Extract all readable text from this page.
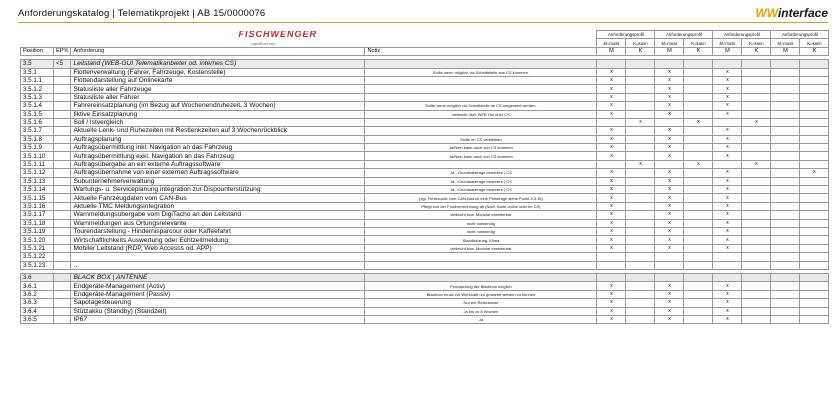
Anforderungskatalog | Telematikprojekt | AB 15/0000076	WWinterface
FISCHWENGER
Logistik mit uns!				Anforderungsprofil		Anforderungsprofil		Anforderungsprofil		Anforderungsprofil	
				M=muss	K=kann	M=muss	K=kann	M=muss	K=kann	M=muss	K=kann
Position	EP%	Anforderung	Notiz	M	K	M	K	M	K	M	K

3.5	<5	Leitstand (WEB-GUI Telematikanbieter od. internes CS)									
3.5.1		Flottenverwaltung (Fahrer, Fahrzeuge, Kostenstelle)	Sollte wenn möglich via Schnittstelle aus CS kommen.	x		x		x			
3.5.1.1		Flottendarstellung auf Onlinekarte		x		x		x			
3.5.1.2		Statusliste aller Fahrzeuge		x		x		x			
3.5.1.3		Statusliste aller Fahrer		x		x		x			
3.5.1.4		Fahrereinsatzplanung (im Bezug auf Wochenendruhezeit, 3 Wochen)	Sollte wenn möglich via Schnittstelle im CS umgesetzt werden.	x		x		x			
3.5.1.5		fiktive Einsatzplanung	vielleicht über WEB Gui oder CS	x		x		x			
3.5.1.6		Soll / Istvergleich			x		x		x		
3.5.1.7		Aktuelle Lenk- und Ruhezeiten mit Restlenkzeiten auf 3 Wochenrückblick		x		x		x			
3.5.1.8		Auftragsplanung	Sollte im CS verbleiben	x		x		x			
3.5.1.9		Auftragsübermittlung inkl. Navigation an das Fahrzeug	Ja/Nein kann auch von CS kommen	x		x		x			
3.5.1.10		Auftragsübermittlung exkl. Navigation an das Fahrzeug	Ja/Nein kann auch von CS kommen	x		x		x			
3.5.1.11		Auftragsübergabe an ein externe Auftragssoftware			x		x		x		
3.5.1.12		Auftragsübernahme von einer externen Auftragssoftware	Ja - Grundsatzfrage beachten | CS	x		x		x			x
3.5.1.13		Subunternehmerverwaltung	Ja - Grundsatzfrage beachten | CS	x		x		x			
3.5.1.14		Wartungs- u. Serviceplanung integration zur Dispounterstützung	Ja - Grundsatzfrage beachten | CS	x		x		x			
3.5.1.15		Aktuelle Fahrzeugdaten vom CAN-Bus	(vgl. Fehlercode vom CAN-Bus ist eine Preisfrage siehe Punkt 3.3.15)	x		x		x			
3.5.1.16		Aktuelle TMC Meldungsintegration	Pflegt von der Fondverrechnung ab (Navi, Karte online oder im CS)	x		x		x			
3.5.1.17		Warnmeldungsübergabe vom DigiTacho an den Leitstand	vielleicht bzw. Modular erweiterbar	x		x		x			
3.5.1.18		Warnmeldungen aus Ortungsrelevante	nicht notwendig	x		x		x			
3.5.1.19		Tourendarstellung - Hindernisparcour oder Kaffeefahrt	nicht notwendig	x		x		x			
3.5.1.20		Wirtschaftlichkeits Auswertung oder Echtzeitmeldung	Standheizung, Klima	x		x		x			
3.5.1.21		Mobiler Leitstand (RDP, Web Accesss od. APP)	vielleicht bzw. Modular erweiterbar	x		x		x			
3.5.1.22											
3.5.1.23		...									

3.6		BLACK BOX | ANTENNE									
3.6.1		Endgeräte-Management (Activ)	Fernwartung der Blackbox möglich	x		x		x			
3.6.2		Endgeräte-Management (Passiv)	Blackbox muss zur Werkstatt um gewartet werden zu können	x		x		x			
3.6.3		Sapotagesteuerung	Nur bei Reisebusse	x		x		x			
3.6.4		Stützakku (Standby) (Standzeit)	Ja bis zu 8 Wochen	x		x		x			
3.6.5		IP67	Ja	x		x		x			
